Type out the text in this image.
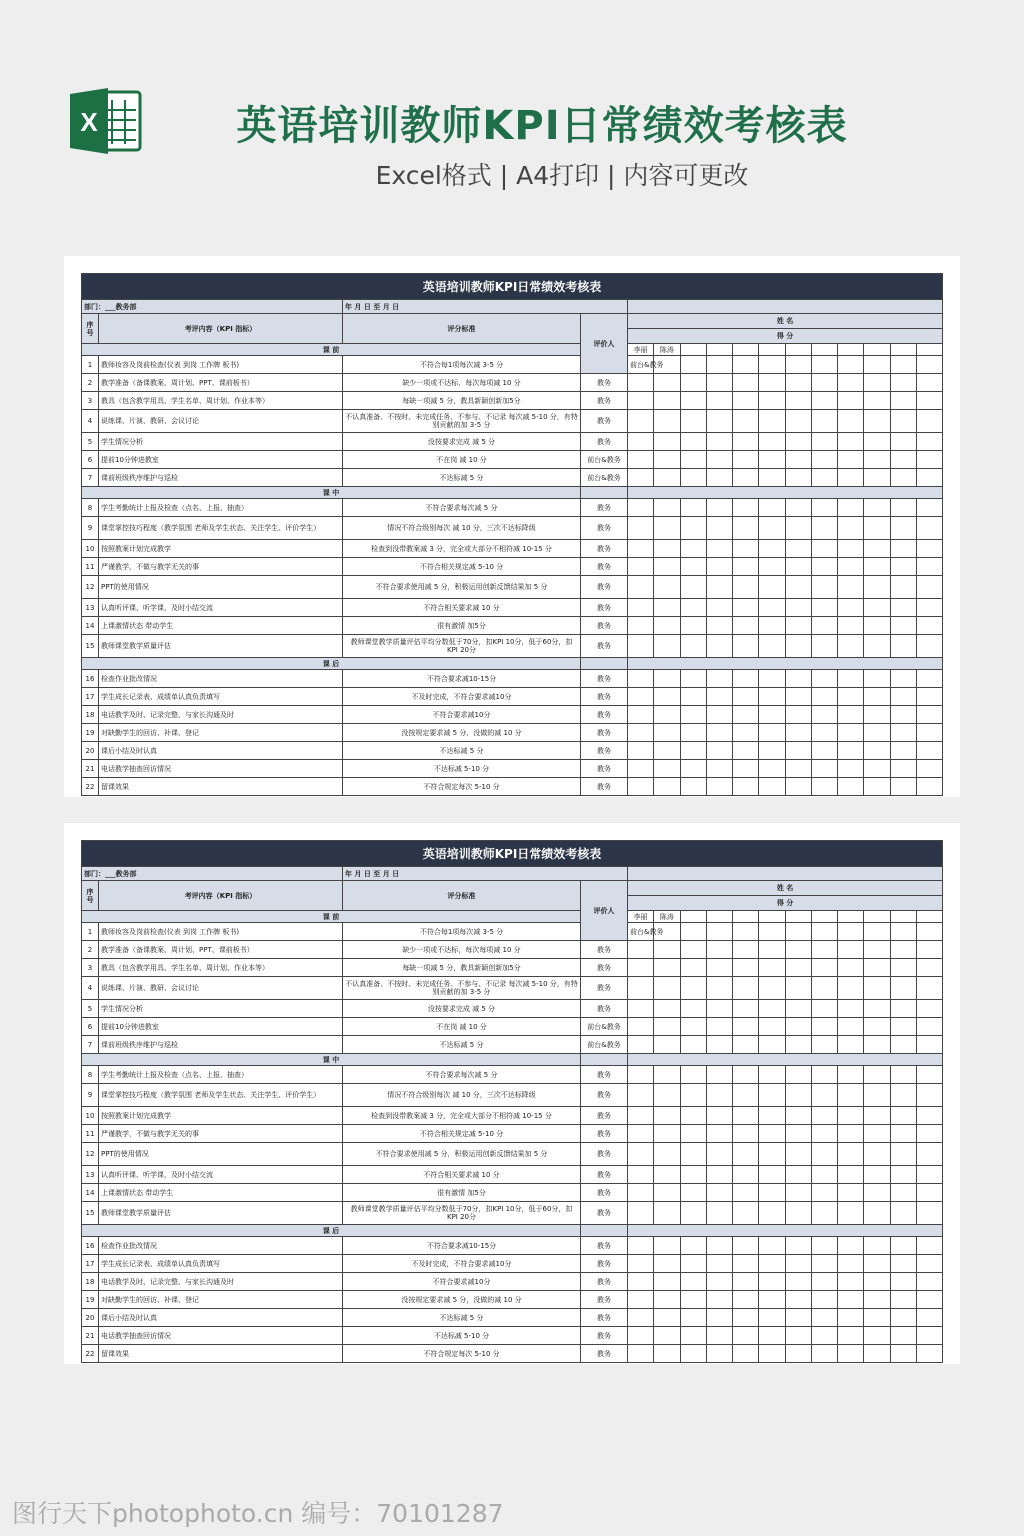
X	英语培训教师KPI日常绩效考核表
Excel格式 | A4打印 | 内容可更改
英语培训教师KPI日常绩效考核表																
部门：___教务部		年 月 日 至 月 日														
序号	考评内容（KPI 指标）	评分标准	评价人	姓 名												
				得 分												
课 前				李丽	陈涛											
1	教师妆容及岗前检查(仪表 到岗 工作牌 板书)	不符合每1项每次减 3-5 分		前台&教务												
2	教学准备（备课教案、周计划、PPT、课前板书）	缺少一项或不达标，每次每项减 10 分	教务													
3	教具（包含教学用具、学生名单、周计划、作业本等）	每缺一项减 5 分，教具新颖创新加5分	教务													
4	说练课、片演、教研、会议讨论	不认真准备、不按时、未完成任务、不参与、不记录 每次减 5-10 分，有特别贡献的加 3-5 分	教务													
5	学生情况分析	没按要求完成 减 5 分	教务													
6	提前10分钟进教室	不在岗 减 10 分	前台&教务													
7	课前班级秩序维护与巡检	不达标减 5 分	前台&教务													
课 中																
8	学生考勤统计上报及检查（点名、上报、抽查）	不符合要求每次减 5 分	教务													
9	课堂掌控技巧程度（教学氛围 老师及学生状态、关注学生、评价学生）	情况不符合级别每次 减 10 分，三次不达标降级	教务													
10	按照教案计划完成教学	检查到没带教案减 3 分，完全或大部分不相符减 10-15 分	教务													
11	严谨教学，不做与教学无关的事	不符合相关规定减 5-10 分	教务													
12	PPT的使用情况	不符合要求使用减 5 分，积极运用创新反馈结果加 5 分	教务													
13	认真听评课、听学课，及时小结交流	不符合相关要求减 10 分	教务													
14	上课激情状态 带动学生	很有激情 加5分	教务													
15	教师课堂教学质量评估	教师课堂教学质量评估平均分数低于70分，扣KPI 10分，低于60分，扣 KPI 20分	教务													
课 后																
16	检查作业批改情况	不符合要求减10-15分	教务													
17	学生成长记录表、成绩单认真负责填写	不及时完成，不符合要求减10分	教务													
18	电话教学及时、记录完整、与家长沟通及时	不符合要求减10分	教务													
19	对缺勤学生的回访、补课、登记	没按规定要求减 5 分，没做的减 10 分	教务													
20	课后小结及时认真	不达标减 5 分	教务													
21	电话教学抽查回访情况	不达标减 5-10 分	教务													
22	留课效果	不符合规定每次 5-10 分	教务													
英语培训教师KPI日常绩效考核表																
部门：___教务部		年 月 日 至 月 日														
序号	考评内容（KPI 指标）	评分标准	评价人	姓 名												
				得 分												
课 前				李丽	陈涛											
1	教师妆容及岗前检查(仪表 到岗 工作牌 板书)	不符合每1项每次减 3-5 分		前台&教务												
2	教学准备（备课教案、周计划、PPT、课前板书）	缺少一项或不达标，每次每项减 10 分	教务													
3	教具（包含教学用具、学生名单、周计划、作业本等）	每缺一项减 5 分，教具新颖创新加5分	教务													
4	说练课、片演、教研、会议讨论	不认真准备、不按时、未完成任务、不参与、不记录 每次减 5-10 分，有特别贡献的加 3-5 分	教务													
5	学生情况分析	没按要求完成 减 5 分	教务													
6	提前10分钟进教室	不在岗 减 10 分	前台&教务													
7	课前班级秩序维护与巡检	不达标减 5 分	前台&教务													
课 中																
8	学生考勤统计上报及检查（点名、上报、抽查）	不符合要求每次减 5 分	教务													
9	课堂掌控技巧程度（教学氛围 老师及学生状态、关注学生、评价学生）	情况不符合级别每次 减 10 分，三次不达标降级	教务													
10	按照教案计划完成教学	检查到没带教案减 3 分，完全或大部分不相符减 10-15 分	教务													
11	严谨教学，不做与教学无关的事	不符合相关规定减 5-10 分	教务													
12	PPT的使用情况	不符合要求使用减 5 分，积极运用创新反馈结果加 5 分	教务													
13	认真听评课、听学课，及时小结交流	不符合相关要求减 10 分	教务													
14	上课激情状态 带动学生	很有激情 加5分	教务													
15	教师课堂教学质量评估	教师课堂教学质量评估平均分数低于70分，扣KPI 10分，低于60分，扣 KPI 20分	教务													
课 后																
16	检查作业批改情况	不符合要求减10-15分	教务													
17	学生成长记录表、成绩单认真负责填写	不及时完成，不符合要求减10分	教务													
18	电话教学及时、记录完整、与家长沟通及时	不符合要求减10分	教务													
19	对缺勤学生的回访、补课、登记	没按规定要求减 5 分，没做的减 10 分	教务													
20	课后小结及时认真	不达标减 5 分	教务													
21	电话教学抽查回访情况	不达标减 5-10 分	教务													
22	留课效果	不符合规定每次 5-10 分	教务													
图行天下photophoto.cn 编号：70101287
